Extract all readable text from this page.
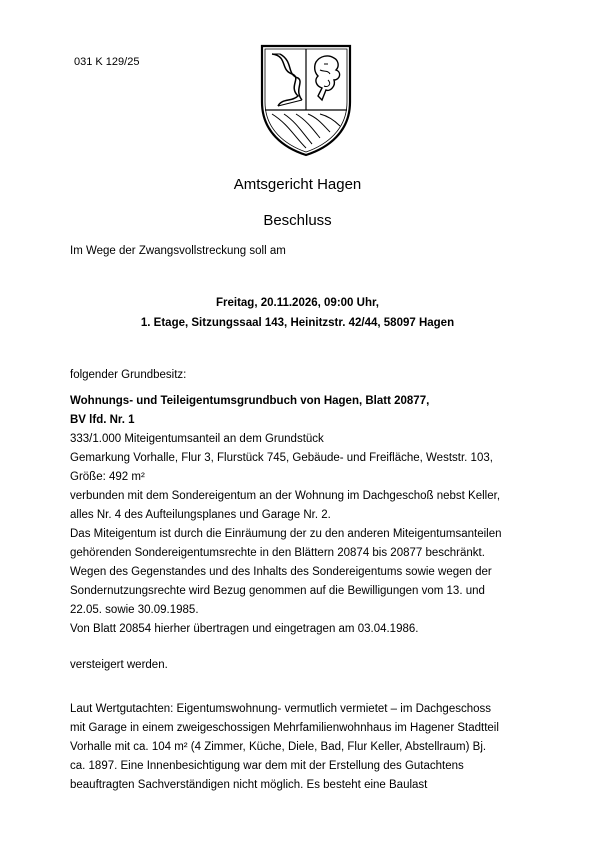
031 K 129/25
Amtsgericht Hagen
Beschluss
Im Wege der Zwangsvollstreckung soll am
Freitag, 20.11.2026, 09:00 Uhr,
1. Etage, Sitzungssaal 143, Heinitzstr. 42/44, 58097 Hagen
folgender Grundbesitz:
Wohnungs- und Teileigentumsgrundbuch von Hagen, Blatt 20877,
BV lfd. Nr. 1
333/1.000 Miteigentumsanteil an dem Grundstück
Gemarkung Vorhalle, Flur 3, Flurstück 745, Gebäude- und Freifläche, Weststr. 103,
Größe: 492 m²
verbunden mit dem Sondereigentum an der Wohnung im Dachgeschoß nebst Keller,
alles Nr. 4 des Aufteilungsplanes und Garage Nr. 2.
Das Miteigentum ist durch die Einräumung der zu den anderen Miteigentumsanteilen
gehörenden Sondereigentumsrechte in den Blättern 20874 bis 20877 beschränkt.
Wegen des Gegenstandes und des Inhalts des Sondereigentums sowie wegen der
Sondernutzungsrechte wird Bezug genommen auf die Bewilligungen vom 13. und
22.05. sowie 30.09.1985.
Von Blatt 20854 hierher übertragen und eingetragen am 03.04.1986.
versteigert werden.
Laut Wertgutachten: Eigentumswohnung- vermutlich vermietet – im Dachgeschoss
mit Garage in einem zweigeschossigen Mehrfamilienwohnhaus im Hagener Stadtteil
Vorhalle mit ca. 104 m² (4 Zimmer, Küche, Diele, Bad, Flur Keller, Abstellraum) Bj.
ca. 1897. Eine Innenbesichtigung war dem mit der Erstellung des Gutachtens
beauftragten Sachverständigen nicht möglich. Es besteht eine Baulast
